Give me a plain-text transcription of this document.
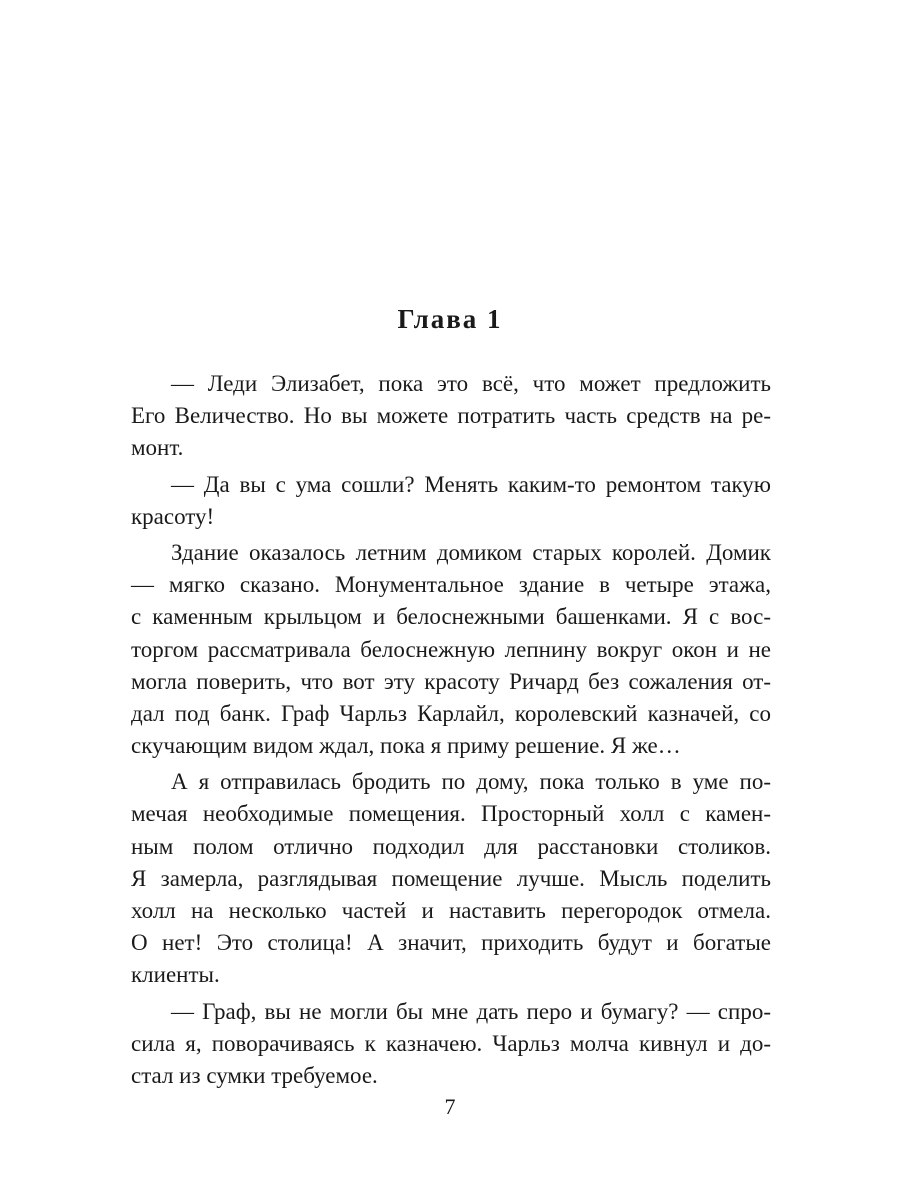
Глава 1
— Леди Элизабет, пока это всё, что может предложить
Его Величество. Но вы можете потратить часть средств на ре-
монт.
— Да вы с ума сошли? Менять каким-то ремонтом такую
красоту!
Здание оказалось летним домиком старых королей. Домик
— мягко сказано. Монументальное здание в четыре этажа,
с каменным крыльцом и белоснежными башенками. Я с вос-
торгом рассматривала белоснежную лепнину вокруг окон и не
могла поверить, что вот эту красоту Ричард без сожаления от-
дал под банк. Граф Чарльз Карлайл, королевский казначей, со
скучающим видом ждал, пока я приму решение. Я же…
А я отправилась бродить по дому, пока только в уме по-
мечая необходимые помещения. Просторный холл с камен-
ным полом отлично подходил для расстановки столиков.
Я замерла, разглядывая помещение лучше. Мысль поделить
холл на несколько частей и наставить перегородок отмела.
О нет! Это столица! А значит, приходить будут и богатые
клиенты.
— Граф, вы не могли бы мне дать перо и бумагу? — спро-
сила я, поворачиваясь к казначею. Чарльз молча кивнул и до-
стал из сумки требуемое.
7
